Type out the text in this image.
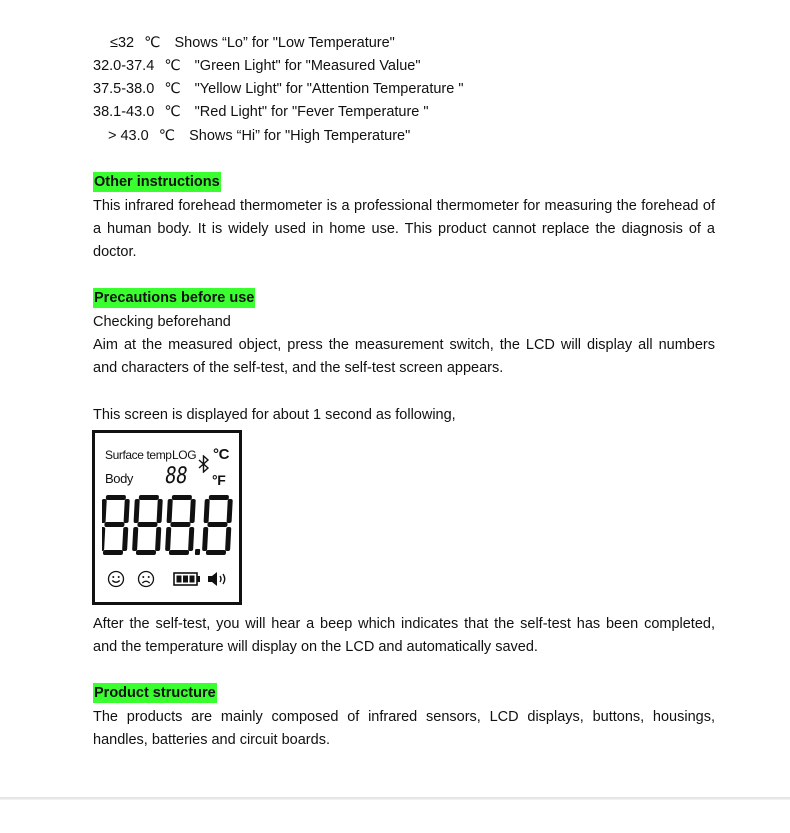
≤32 ℃ Shows “Lo” for "Low Temperature"
32.0-37.4 ℃ "Green Light" for "Measured Value"
37.5-38.0 ℃ "Yellow Light" for "Attention Temperature "
38.1-43.0 ℃ "Red Light" for "Fever Temperature "
> 43.0 ℃ Shows “Hi” for "High Temperature"
Other instructions
This infrared forehead thermometer is a professional thermometer for measuring the forehead of a human body. It is widely used in home use. This product cannot replace the diagnosis of a doctor.
Precautions before use
Checking beforehand
Aim at the measured object, press the measurement switch, the LCD will display all numbers and characters of the self-test, and the self-test screen appears.
This screen is displayed for about 1 second as following,
Surface temp LOG
Body 88
°C
°F
After the self-test, you will hear a beep which indicates that the self-test has been completed, and the temperature will display on the LCD and automatically saved.
Product structure
The products are mainly composed of infrared sensors, LCD displays, buttons, housings, handles, batteries and circuit boards.
